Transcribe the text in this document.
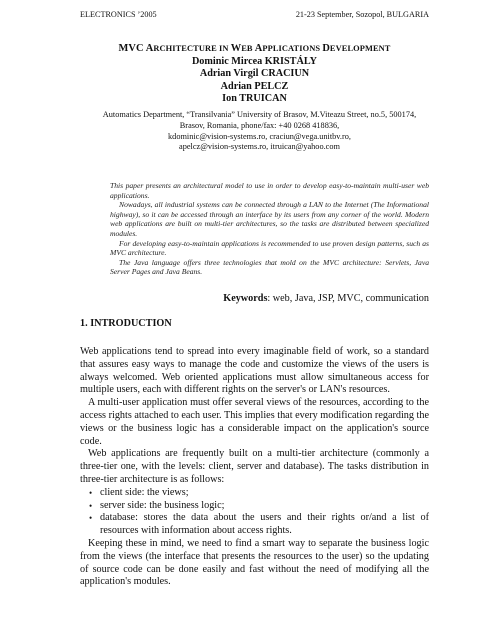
ELECTRONICS ’2005	21-23 September, Sozopol, BULGARIA
MVC ARCHITECTURE IN WEB APPLICATIONS DEVELOPMENT
Dominic Mircea KRISTÁLY
Adrian Virgil CRACIUN
Adrian PELCZ
Ion TRUICAN
Automatics Department, “Transilvania” University of Brasov, M.Viteazu Street, no.5, 500174,
Brasov, Romania, phone/fax: +40 0268 418836,
kdominic@vision-systems.ro, craciun@vega.unitbv.ro,
apelcz@vision-systems.ro, itruican@yahoo.com

This paper presents an architectural model to use in order to develop easy-to-maintain multi-user web applications.

Nowadays, all industrial systems can be connected through a LAN to the Internet (The Informational highway), so it can be accessed through an interface by its users from any corner of the world. Modern web applications are built on multi-tier architectures, so the tasks are distributed between specialized modules.

For developing easy-to-maintain applications is recommended to use proven design patterns, such as MVC architecture.

The Java language offers three technologies that mold on the MVC architecture: Servlets, Java Server Pages and Java Beans.

Keywords: web, Java, JSP, MVC, communication
1. INTRODUCTION

Web applications tend to spread into every imaginable field of work, so a standard that assures easy ways to manage the code and customize the views of the users is always welcomed. Web oriented applications must allow simultaneous access for multiple users, each with different rights on the server's or LAN's resources.

A multi-user application must offer several views of the resources, according to the access rights attached to each user. This implies that every modification regarding the views or the business logic has a considerable impact on the application's source code.

Web applications are frequently built on a multi-tier architecture (commonly a three-tier one, with the levels: client, server and database). The tasks distribution in three-tier architecture is as follows:

• client side: the views;
• server side: the business logic;
• database: stores the data about the users and their rights or/and a list of resources with information about access rights.

Keeping these in mind, we need to find a smart way to separate the business logic from the views (the interface that presents the resources to the user) so the updating of source code can be done easily and fast without the need of modifying all the application's modules.
